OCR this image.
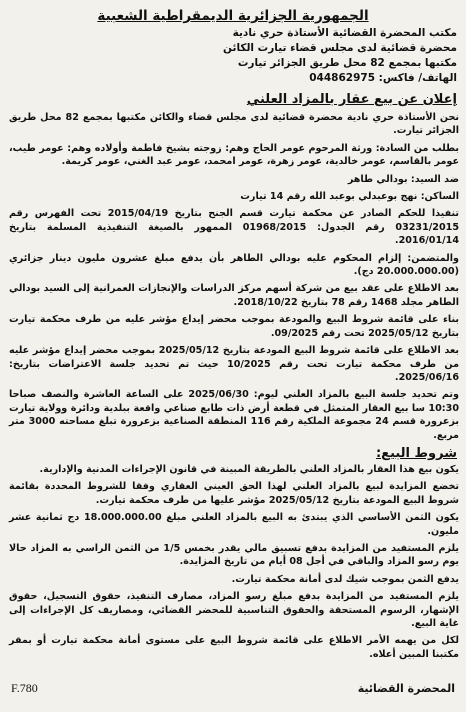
الجمهورية الجزائرية الديمقراطية الشعبية
مكتب المحضرة القضائية الأستاذة حري نادية
محضرة قضائية لدى مجلس قضاء تيارت الكائن
مكتبها بمجمع 82 محل طريق الجزائر تيارت
الهاتف/ فاكس: 044862975
إعلان عن بيع عقار بالمزاد العلني

نحن الأستاذة حري نادية محضرة قضائية لدى مجلس قضاء والكائن مكتبها بمجمع 82 محل طريق الجزائر تيارت.

بطلب من السادة: ورثة المرحوم عومر الحاج وهم: زوجته بشيخ فاطمة وأولاده وهم: عومر طيب، عومر بالقاسم، عومر خالدية، عومر زهرة، عومر امحمد، عومر عبد الغني، عومر كريمة.

ضد السيد: بودالي طاهر

الساكن: نهج بوعبدلي بوعبد الله رقم 14 تيارت

تنفيذا للحكم الصادر عن محكمة تيارت قسم الجنح بتاريخ 2015/04/19 تحت الفهرس رقم 03231/2015 رقم الجدول: 01968/2015 الممهور بالصيغة التنفيذية المسلمة بتاريخ 2016/01/14.

والمتضمن: إلزام المحكوم عليه بودالي الطاهر بأن يدفع مبلغ عشرون مليون دينار جزائري (20.000.000.00 دج).

بعد الاطلاع على عقد بيع من شركة أسهم مركز الدراسات والإنجازات العمرانية إلى السيد بودالي الطاهر مجلد 1468 رقم 78 بتاريخ 2018/10/22.

بناء على قائمة شروط البيع والمودعة بموجب محضر إيداع مؤشر عليه من طرف محكمة تيارت بتاريخ 2025/05/12 تحت رقم 09/2025.

بعد الاطلاع على قائمة شروط البيع المودعة بتاريخ 2025/05/12 بموجب محضر إيداع مؤشر عليه من طرف محكمة تيارت تحت رقم 10/2025 حيث تم تحديد جلسة الاعتراضات بتاريخ: 2025/06/16.

وتم تحديد جلسة البيع بالمزاد العلني ليوم: 2025/06/30 على الساعة العاشرة والنصف صباحا 10:30 سا بيع العقار المتمثل في قطعة أرض ذات طابع صناعي واقعة ببلدية ودائرة وولاية تيارت بزعرورة قسم 24 مجموعة الملكية رقم 116 المنطقة الصناعية بزعرورة تبلغ مساحته 3000 متر مربع.

شروط البيع:

يكون بيع هذا العقار بالمزاد العلني بالطريقة المبينة في قانون الإجراءات المدنية والإدارية.

تخضع المزايدة لبيع بالمزاد العلني لهذا الحق العيني العقاري وفقا للشروط المحددة بقائمة شروط البيع المودعة بتاريخ 2025/05/12 مؤشر عليها من طرف محكمة تيارت.

يكون الثمن الأساسي الذي يبتدئ به البيع بالمزاد العلني مبلغ 18.000.000.00 دج ثمانية عشر مليون.

يلزم المستفيد من المزايدة بدفع تسبيق مالي يقدر بخمس 1/5 من الثمن الراسي به المزاد حالا يوم رسو المزاد والباقي في أجل 08 أيام من تاريخ المزايدة.

يدفع الثمن بموجب شيك لدى أمانة محكمة تيارت.

يلزم المستفيد من المزايدة بدفع مبلغ رسو المزاد، مصارف التنفيذ، حقوق التسجيل، حقوق الإشهار، الرسوم المستحقة والحقوق التناسبية للمحضر القضائي، ومصاريف كل الإجراءات إلى غاية البيع.

لكل من يهمه الأمر الاطلاع على قائمة شروط البيع على مستوى أمانة محكمة تيارت أو بمقر مكتبنا المبين أعلاه.

المحضرة القضائية
F.780
